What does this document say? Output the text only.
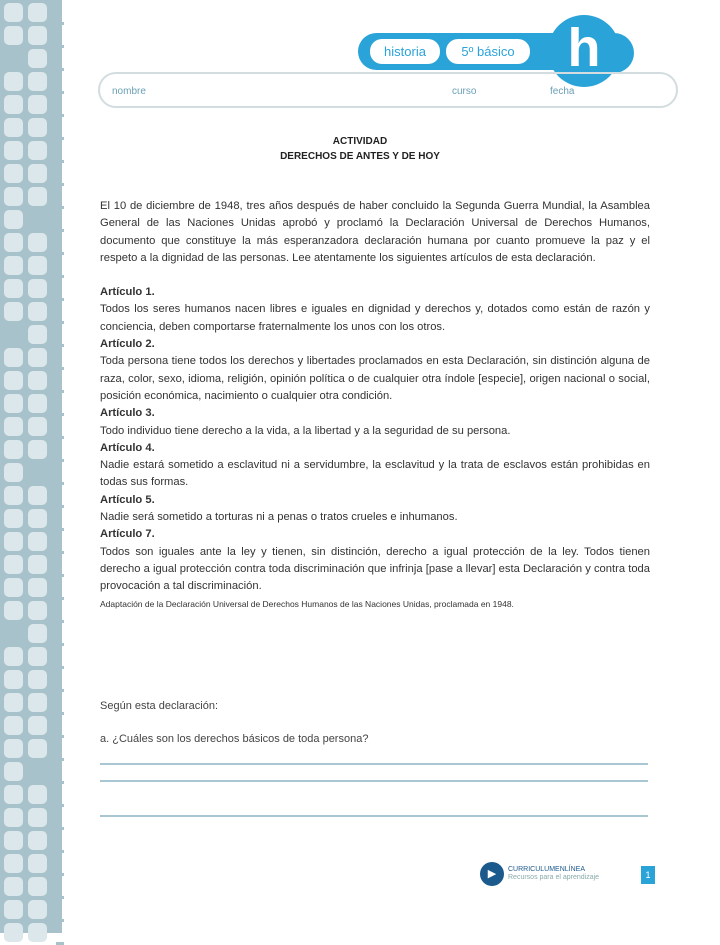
historia	5º básico h
nombre	curso	fecha
ACTIVIDAD
DERECHOS DE ANTES Y DE HOY

El 10 de diciembre de 1948, tres años después de haber concluido la Segunda Guerra Mundial, la Asamblea General de las Naciones Unidas aprobó y proclamó la Declaración Universal de Derechos Humanos, documento que constituye la más esperanzadora declaración humana por cuanto promueve la paz y el respeto a la dignidad de las personas. Lee atentamente los siguientes artículos de esta declaración.

Artículo 1.

Todos los seres humanos nacen libres e iguales en dignidad y derechos y, dotados como están de razón y conciencia, deben comportarse fraternalmente los unos con los otros.

Artículo 2.

Toda persona tiene todos los derechos y libertades proclamados en esta Declaración, sin distinción alguna de raza, color, sexo, idioma, religión, opinión política o de cualquier otra índole [especie], origen nacional o social, posición económica, nacimiento o cualquier otra condición.

Artículo 3.

Todo individuo tiene derecho a la vida, a la libertad y a la seguridad de su persona.

Artículo 4.

Nadie estará sometido a esclavitud ni a servidumbre, la esclavitud y la trata de esclavos están prohibidas en todas sus formas.

Artículo 5.

Nadie será sometido a torturas ni a penas o tratos crueles e inhumanos.

Artículo 7.

Todos son iguales ante la ley y tienen, sin distinción, derecho a igual protección de la ley. Todos tienen derecho a igual protección contra toda discriminación que infrinja [pase a llevar] esta Declaración y contra toda provocación a tal discriminación.

Adaptación de la Declaración Universal de Derechos Humanos de las Naciones Unidas, proclamada en 1948.

Según esta declaración:
a. ¿Cuáles son los derechos básicos de toda persona?
▶	CURRICULUMENLÍNEA
Recursos para el aprendizaje	1
